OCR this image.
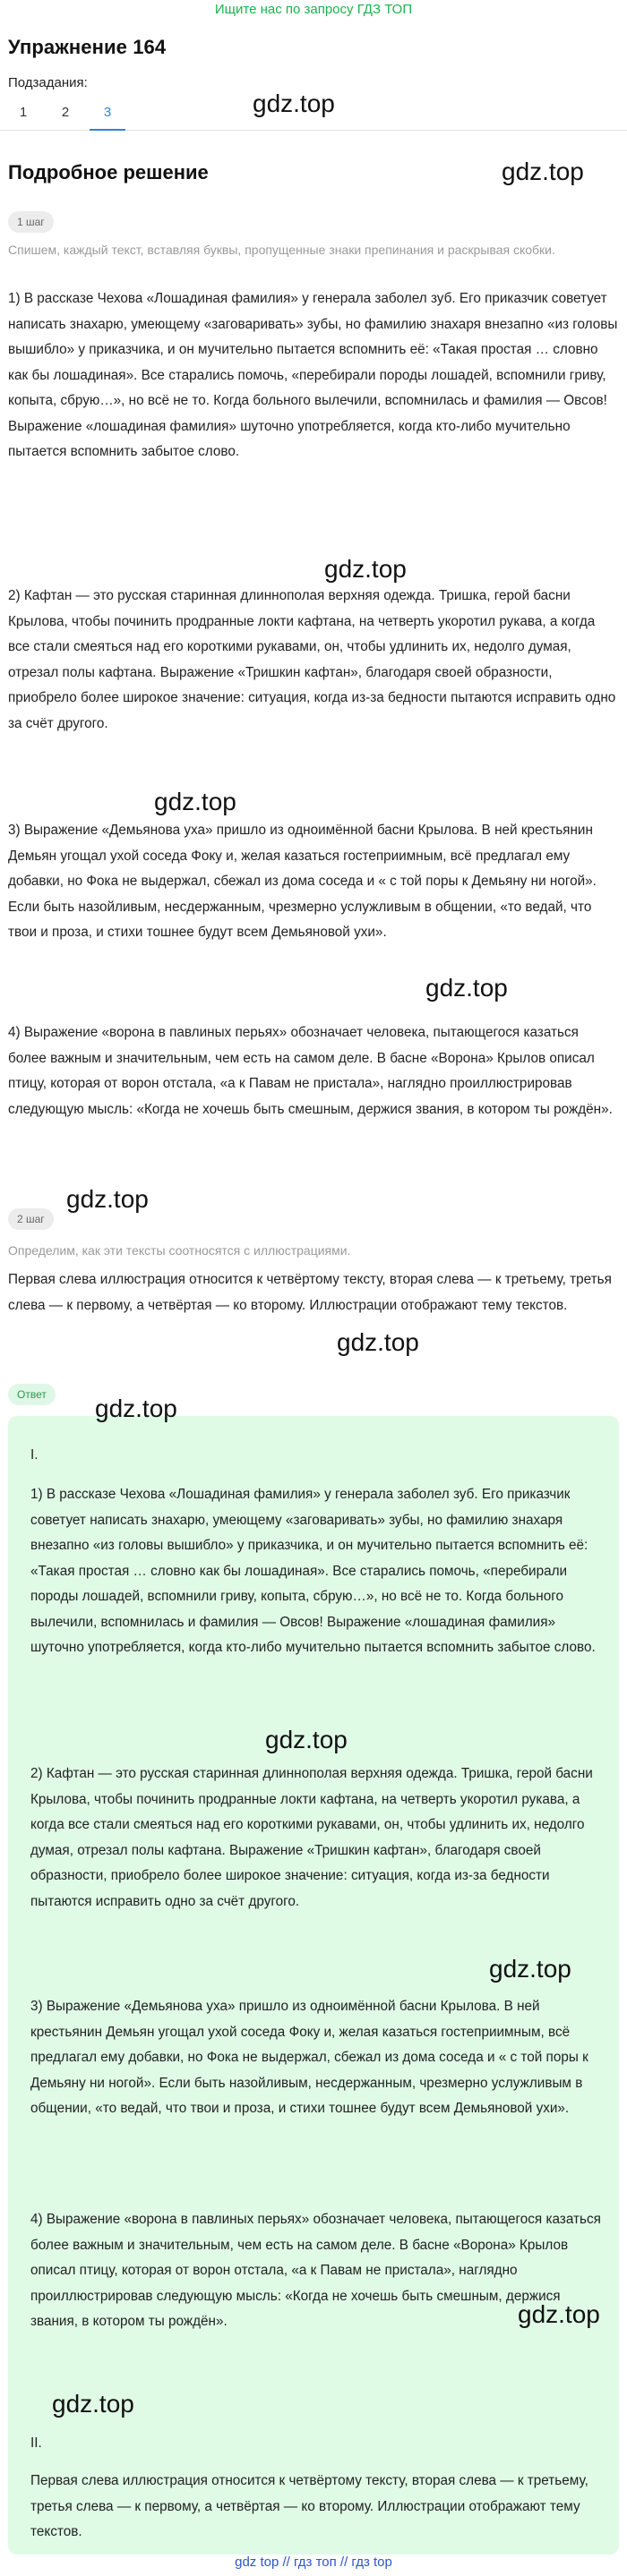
Ищите нас по запросу ГДЗ ТОП
Упражнение 164
Подзадания:
1	2	3	gdz.top
Подробное решение	gdz.top
1 шаг
Спишем, каждый текст, вставляя буквы, пропущенные знаки препинания и раскрывая скобки.
1) В рассказе Чехова «Лошадиная фамилия» у генерала заболел зуб. Его приказчик советует написать знахарю, умеющему «заговаривать» зубы, но фамилию знахаря внезапно «из головы вышибло» у приказчика, и он мучительно пытается вспомнить её: «Такая простая … словно как бы лошадиная». Все старались помочь, «перебирали породы лошадей, вспомнили гриву, копыта, сбрую…», но всё не то. Когда больного вылечили, вспомнилась и фамилия — Овсов! Выражение «лошадиная фамилия» шуточно употребляется, когда кто-либо мучительно пытается вспомнить забытое слово.
gdz.top
2) Кафтан — это русская старинная длиннополая верхняя одежда. Тришка, герой басни Крылова, чтобы починить продранные локти кафтана, на четверть укоротил рукава, а когда все стали смеяться над его короткими рукавами, он, чтобы удлинить их, недолго думая, отрезал полы кафтана. Выражение «Тришкин кафтан», благодаря своей образности, приобрело более широкое значение: ситуация, когда из-за бедности пытаются исправить одно за счёт другого.
gdz.top
3) Выражение «Демьянова уха» пришло из одноимённой басни Крылова. В ней крестьянин Демьян угощал ухой соседа Фоку и, желая казаться гостеприимным, всё предлагал ему добавки, но Фока не выдержал, сбежал из дома соседа и « с той поры к Демьяну ни ногой». Если быть назойливым, несдержанным, чрезмерно услужливым в общении, «то ведай, что твои и проза, и стихи тошнее будут всем Демьяновой ухи».
gdz.top
4) Выражение «ворона в павлиных перьях» обозначает человека, пытающегося казаться более важным и значительным, чем есть на самом деле. В басне «Ворона» Крылов описал птицу, которая от ворон отстала, «а к Павам не пристала», наглядно проиллюстрировав следующую мысль: «Когда не хочешь быть смешным, держися звания, в котором ты рождён».
gdz.top
2 шаг
Определим, как эти тексты соотносятся с иллюстрациями.
Первая слева иллюстрация относится к четвёртому тексту, вторая слева — к третьему, третья слева — к первому, а четвёртая — ко второму. Иллюстрации отображают тему текстов.
gdz.top
Ответ	gdz.top
I.
1) В рассказе Чехова «Лошадиная фамилия» у генерала заболел зуб. Его приказчик советует написать знахарю, умеющему «заговаривать» зубы, но фамилию знахаря внезапно «из головы вышибло» у приказчика, и он мучительно пытается вспомнить её: «Такая простая … словно как бы лошадиная». Все старались помочь, «перебирали породы лошадей, вспомнили гриву, копыта, сбрую…», но всё не то. Когда больного вылечили, вспомнилась и фамилия — Овсов! Выражение «лошадиная фамилия» шуточно употребляется, когда кто-либо мучительно пытается вспомнить забытое слово.
gdz.top
2) Кафтан — это русская старинная длиннополая верхняя одежда. Тришка, герой басни Крылова, чтобы починить продранные локти кафтана, на четверть укоротил рукава, а когда все стали смеяться над его короткими рукавами, он, чтобы удлинить их, недолго думая, отрезал полы кафтана. Выражение «Тришкин кафтан», благодаря своей образности, приобрело более широкое значение: ситуация, когда из-за бедности пытаются исправить одно за счёт другого.
gdz.top
3) Выражение «Демьянова уха» пришло из одноимённой басни Крылова. В ней крестьянин Демьян угощал ухой соседа Фоку и, желая казаться гостеприимным, всё предлагал ему добавки, но Фока не выдержал, сбежал из дома соседа и « с той поры к Демьяну ни ногой». Если быть назойливым, несдержанным, чрезмерно услужливым в общении, «то ведай, что твои и проза, и стихи тошнее будут всем Демьяновой ухи».
4) Выражение «ворона в павлиных перьях» обозначает человека, пытающегося казаться более важным и значительным, чем есть на самом деле. В басне «Ворона» Крылов описал птицу, которая от ворон отстала, «а к Павам не пристала», наглядно проиллюстрировав следующую мысль: «Когда не хочешь быть смешным, держися звания, в котором ты рождён».	gdz.top
gdz.top
II.
Первая слева иллюстрация относится к четвёртому тексту, вторая слева — к третьему, третья слева — к первому, а четвёртая — ко второму. Иллюстрации отображают тему текстов.
gdz top // гдз топ // гдз top
